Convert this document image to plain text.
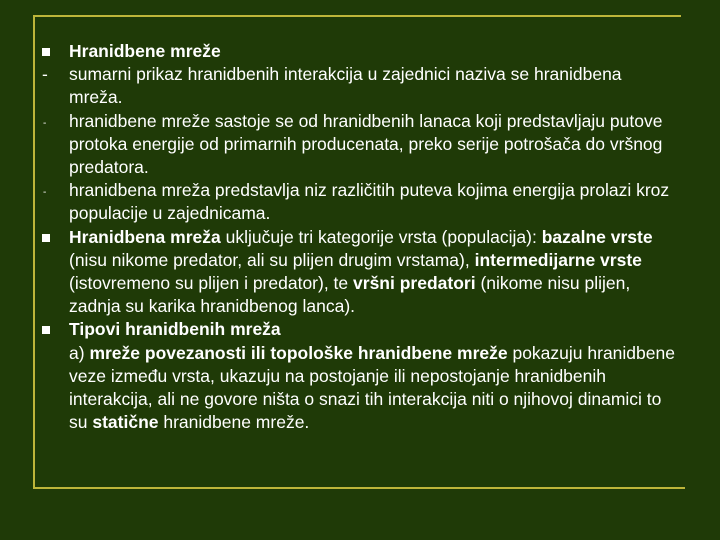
Hranidbene mreže
- sumarni prikaz hranidbenih interakcija u zajednici naziva se hranidbena mreža.
- hranidbene mreže sastoje se od hranidbenih lanaca koji predstavljaju putove protoka energije od primarnih producenata, preko serije potrošača do vršnog predatora.
- hranidbena mreža predstavlja niz različitih puteva kojima energija prolazi kroz populacije u zajednicama.
Hranidbena mreža uključuje tri kategorije vrsta (populacija): bazalne vrste (nisu nikome predator, ali su plijen drugim vrstama), intermedijarne vrste (istovremeno su plijen i predator), te vršni predatori (nikome nisu plijen, zadnja su karika hranidbenog lanca).
Tipovi hranidbenih mreža
a) mreže povezanosti ili topološke hranidbene mreže pokazuju hranidbene veze između vrsta, ukazuju na postojanje ili nepostojanje hranidbenih interakcija, ali ne govore ništa o snazi tih interakcija niti o njihovoj dinamici to su statične hranidbene mreže.
